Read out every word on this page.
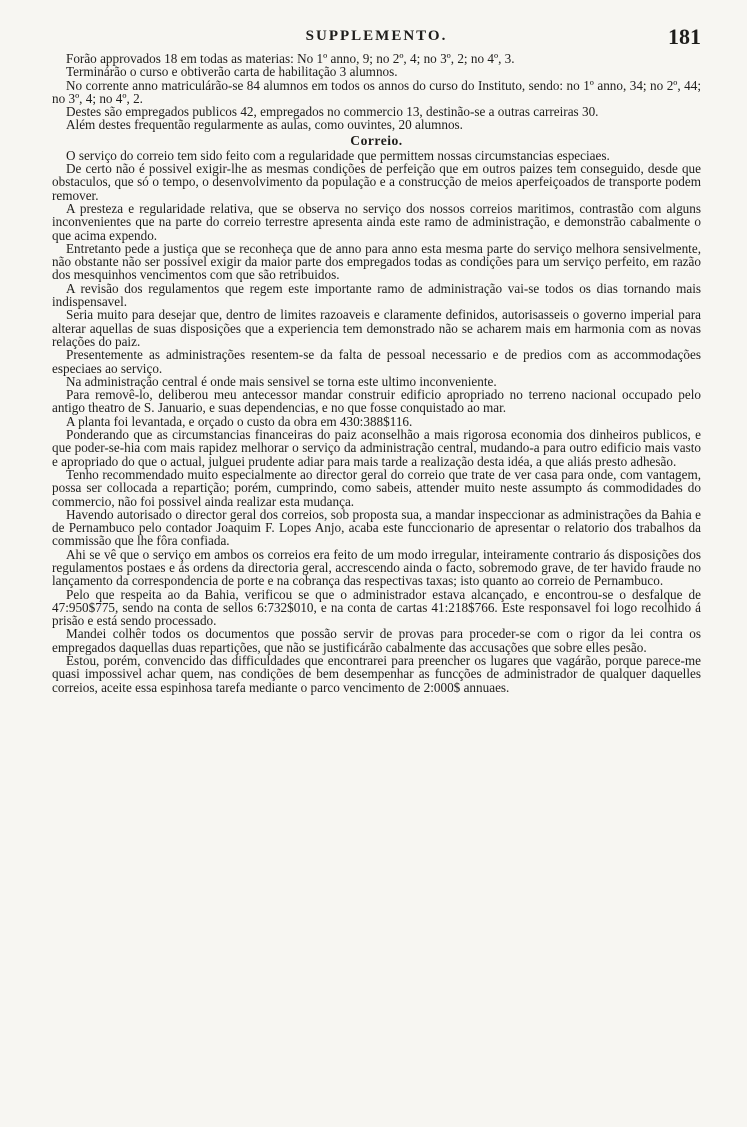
SUPPLEMENTO.	181

Forão approvados 18 em todas as materias: No 1º anno, 9; no 2º, 4; no 3º, 2; no 4º, 3.

Terminárão o curso e obtiverão carta de habilitação 3 alumnos.

No corrente anno matriculárão-se 84 alumnos em todos os annos do curso do Instituto, sendo: no 1º anno, 34; no 2º, 44; no 3º, 4; no 4º, 2.

Destes são empregados publicos 42, empregados no commercio 13, destinão-se a outras carreiras 30.

Além destes frequentão regularmente as aulas, como ouvintes, 20 alumnos.

Correio.

O serviço do correio tem sido feito com a regularidade que permittem nossas circumstancias especiaes.

De certo não é possivel exigir-lhe as mesmas condições de perfeição que em outros paizes tem conseguido, desde que obstaculos, que só o tempo, o desenvolvimento da população e a construcção de meios aperfeiçoados de transporte podem remover.

A presteza e regularidade relativa, que se observa no serviço dos nossos correios maritimos, contrastão com alguns inconvenientes que na parte do correio terrestre apresenta ainda este ramo de administração, e demonstrão cabalmente o que acima expendo.

Entretanto pede a justiça que se reconheça que de anno para anno esta mesma parte do serviço melhora sensivelmente, não obstante não ser possivel exigir da maior parte dos empregados todas as condições para um serviço perfeito, em razão dos mesquinhos vencimentos com que são retribuidos.

A revisão dos regulamentos que regem este importante ramo de administração vai-se todos os dias tornando mais indispensavel.

Seria muito para desejar que, dentro de limites razoaveis e claramente definidos, autorisasseis o governo imperial para alterar aquellas de suas disposições que a experiencia tem demonstrado não se acharem mais em harmonia com as novas relações do paiz.

Presentemente as administrações resentem-se da falta de pessoal necessario e de predios com as accommodações especiaes ao serviço.

Na administração central é onde mais sensivel se torna este ultimo inconveniente.

Para removê-lo, deliberou meu antecessor mandar construir edificio apropriado no terreno nacional occupado pelo antigo theatro de S. Januario, e suas dependencias, e no que fosse conquistado ao mar.

A planta foi levantada, e orçado o custo da obra em 430:388$116.

Ponderando que as circumstancias financeiras do paiz aconselhão a mais rigorosa economia dos dinheiros publicos, e que poder-se-hia com mais rapidez melhorar o serviço da administração central, mudando-a para outro edificio mais vasto e apropriado do que o actual, julguei prudente adiar para mais tarde a realização desta idéa, a que aliás presto adhesão.

Tenho recommendado muito especialmente ao director geral do correio que trate de ver casa para onde, com vantagem, possa ser collocada a repartição; porém, cumprindo, como sabeis, attender muito neste assumpto ás commodidades do commercio, não foi possivel ainda realizar esta mudança.

Havendo autorisado o director geral dos correios, sob proposta sua, a mandar inspeccionar as administrações da Bahia e de Pernambuco pelo contador Joaquim F. Lopes Anjo, acaba este funccionario de apresentar o relatorio dos trabalhos da commissão que lhe fôra confiada.

Ahi se vê que o serviço em ambos os correios era feito de um modo irregular, inteiramente contrario ás disposições dos regulamentos postaes e ás ordens da directoria geral, accrescendo ainda o facto, sobremodo grave, de ter havido fraude no lançamento da correspondencia de porte e na cobrança das respectivas taxas; isto quanto ao correio de Pernambuco.

Pelo que respeita ao da Bahia, verificou se que o administrador estava alcançado, e encontrou-se o desfalque de 47:950$775, sendo na conta de sellos 6:732$010, e na conta de cartas 41:218$766. Este responsavel foi logo recolhido á prisão e está sendo processado.

Mandei colhêr todos os documentos que possão servir de provas para proceder-se com o rigor da lei contra os empregados daquellas duas repartições, que não se justificárão cabalmente das accusações que sobre elles pesão.

Estou, porém, convencido das difficuldades que encontrarei para preencher os lugares que vagárão, porque parece-me quasi impossivel achar quem, nas condições de bem desempenhar as funcções de administrador de qualquer daquelles correios, aceite essa espinhosa tarefa mediante o parco vencimento de 2:000$ annuaes.
